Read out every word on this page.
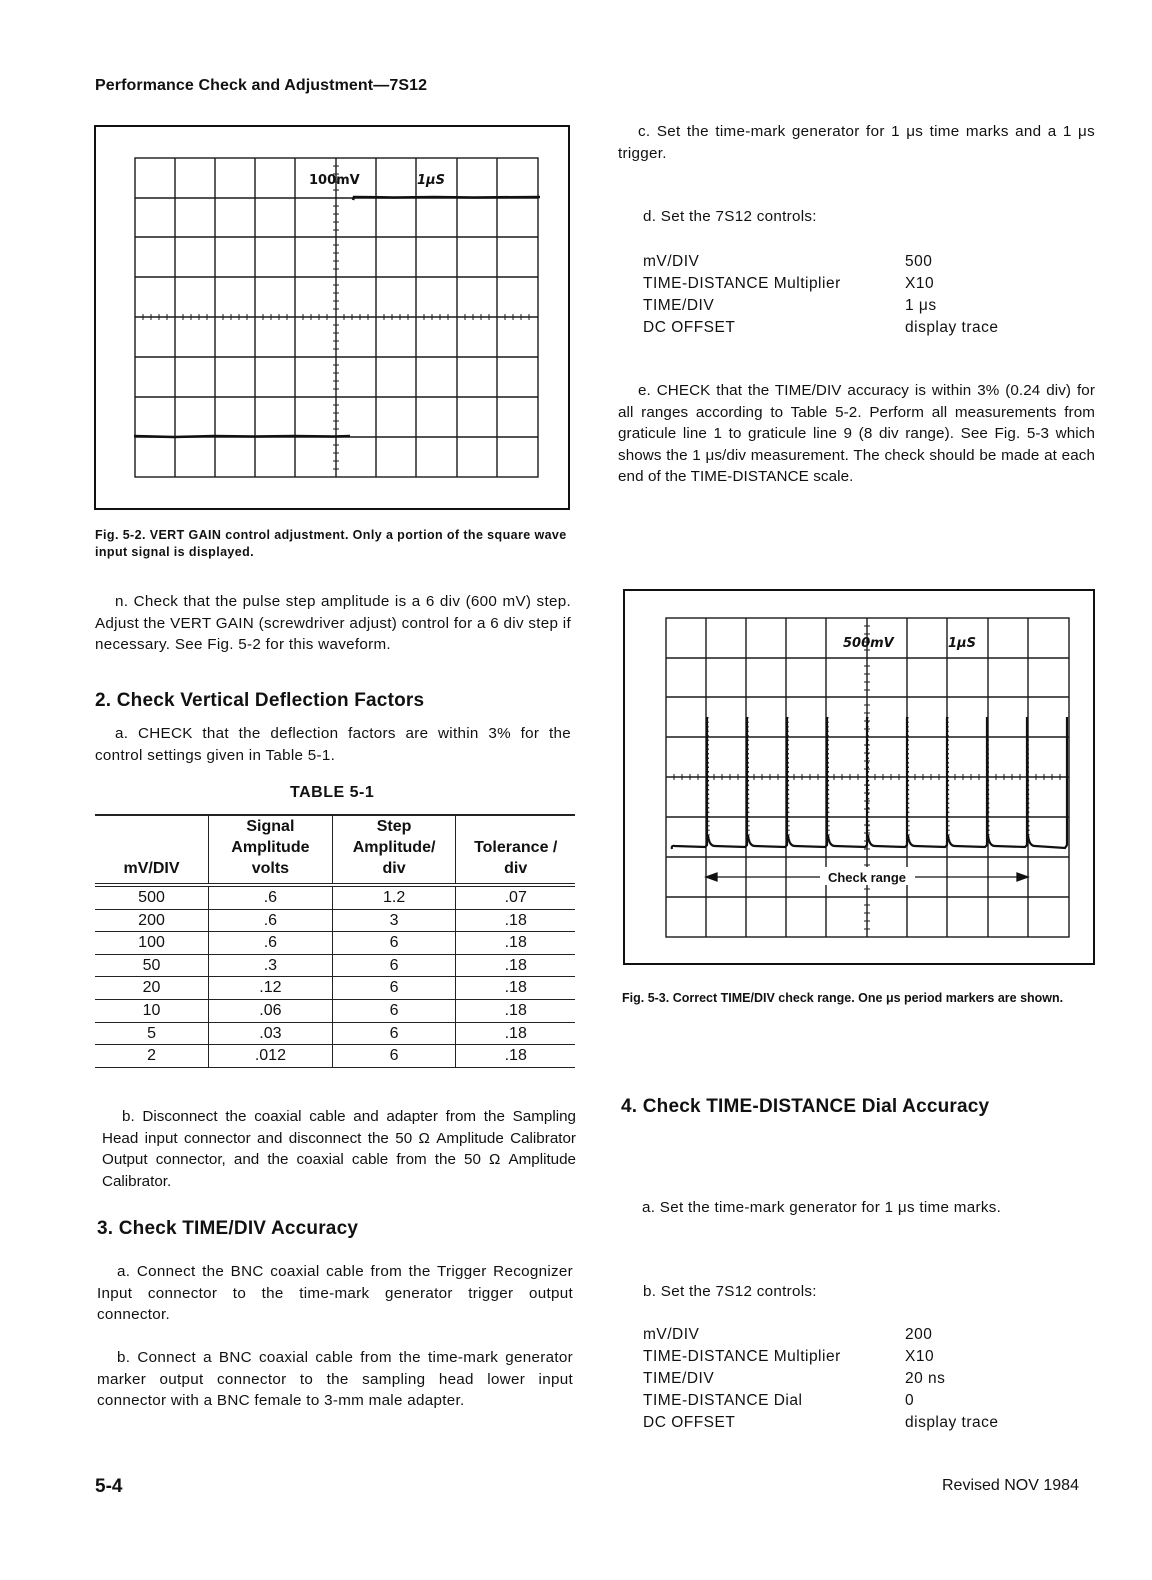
Performance Check and Adjustment—7S12
100mV	1μS
Fig. 5-2. VERT GAIN control adjustment. Only a portion of the square wave input signal is displayed.
n. Check that the pulse step amplitude is a 6 div (600 mV) step. Adjust the VERT GAIN (screwdriver adjust) control for a 6 div step if necessary. See Fig. 5-2 for this waveform.
2. Check Vertical Deflection Factors
a. CHECK that the deflection factors are within 3% for the control settings given in Table 5-1.
TABLE 5-1
mV/DIV	Signal Amplitude volts	Step Amplitude/ div	Tolerance / div
500	.6	1.2	.07
200	.6	3	.18
100	.6	6	.18
50	.3	6	.18
20	.12	6	.18
10	.06	6	.18
5	.03	6	.18
2	.012	6	.18
b. Disconnect the coaxial cable and adapter from the Sampling Head input connector and disconnect the 50 Ω Amplitude Calibrator Output connector, and the coaxial cable from the 50 Ω Amplitude Calibrator.
3. Check TIME/DIV Accuracy
a. Connect the BNC coaxial cable from the Trigger Recognizer Input connector to the time-mark generator trigger output connector.
b. Connect a BNC coaxial cable from the time-mark generator marker output connector to the sampling head lower input connector with a BNC female to 3-mm male adapter.
c. Set the time-mark generator for 1 μs time marks and a 1 μs trigger.
d. Set the 7S12 controls:
mV/DIV	500
TIME-DISTANCE Multiplier	X10
TIME/DIV	1 μs
DC OFFSET	display trace
e. CHECK that the TIME/DIV accuracy is within 3% (0.24 div) for all ranges according to Table 5-2. Perform all measurements from graticule line 1 to graticule line 9 (8 div range). See Fig. 5-3 which shows the 1 μs/div measurement. The check should be made at each end of the TIME-DISTANCE scale.
Check range
500mV	1μS
Fig. 5-3. Correct TIME/DIV check range. One μs period markers are shown.
4. Check TIME-DISTANCE Dial Accuracy
a. Set the time-mark generator for 1 μs time marks.
b. Set the 7S12 controls:
mV/DIV	200
TIME-DISTANCE Multiplier	X10
TIME/DIV	20 ns
TIME-DISTANCE Dial	0
DC OFFSET	display trace
5-4	Revised NOV 1984
